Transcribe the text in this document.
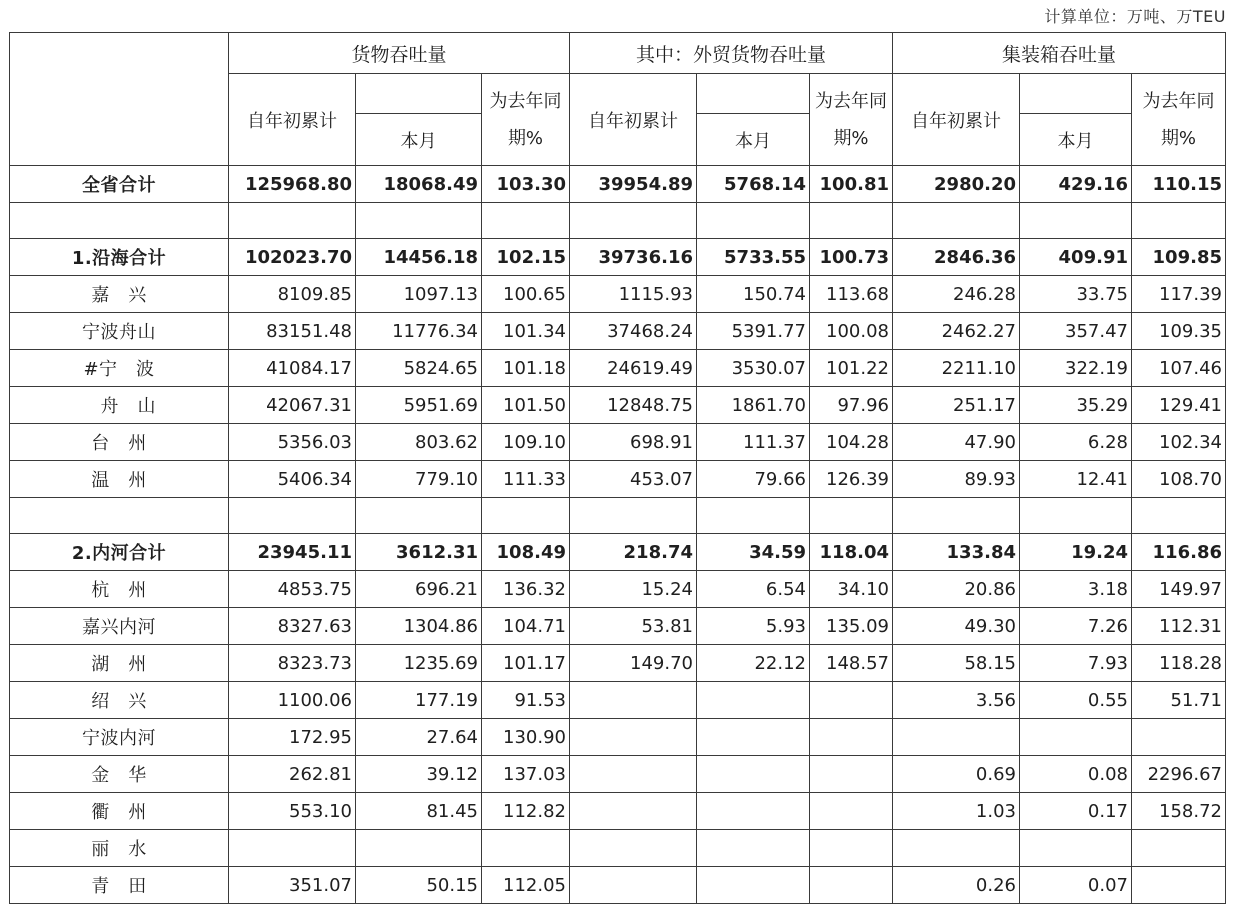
计算单位：万吨、万TEU
	货物吞吐量			其中：外贸货物吞吐量			集装箱吞吐量		
	自年初累计		为去年同期%	自年初累计		为去年同期%	自年初累计		为去年同期%
		本月			本月			本月	
全省合计	125968.80	18068.49	103.30	39954.89	5768.14	100.81	2980.20	429.16	110.15

1.沿海合计	102023.70	14456.18	102.15	39736.16	5733.55	100.73	2846.36	409.91	109.85
嘉　兴	8109.85	1097.13	100.65	1115.93	150.74	113.68	246.28	33.75	117.39
宁波舟山	83151.48	11776.34	101.34	37468.24	5391.77	100.08	2462.27	357.47	109.35
#宁　波	41084.17	5824.65	101.18	24619.49	3530.07	101.22	2211.10	322.19	107.46
　舟　山	42067.31	5951.69	101.50	12848.75	1861.70	97.96	251.17	35.29	129.41
台　州	5356.03	803.62	109.10	698.91	111.37	104.28	47.90	6.28	102.34
温　州	5406.34	779.10	111.33	453.07	79.66	126.39	89.93	12.41	108.70

2.内河合计	23945.11	3612.31	108.49	218.74	34.59	118.04	133.84	19.24	116.86
杭　州	4853.75	696.21	136.32	15.24	6.54	34.10	20.86	3.18	149.97
嘉兴内河	8327.63	1304.86	104.71	53.81	5.93	135.09	49.30	7.26	112.31
湖　州	8323.73	1235.69	101.17	149.70	22.12	148.57	58.15	7.93	118.28
绍　兴	1100.06	177.19	91.53				3.56	0.55	51.71
宁波内河	172.95	27.64	130.90						
金　华	262.81	39.12	137.03				0.69	0.08	2296.67
衢　州	553.10	81.45	112.82				1.03	0.17	158.72
丽　水									
青　田	351.07	50.15	112.05				0.26	0.07	
